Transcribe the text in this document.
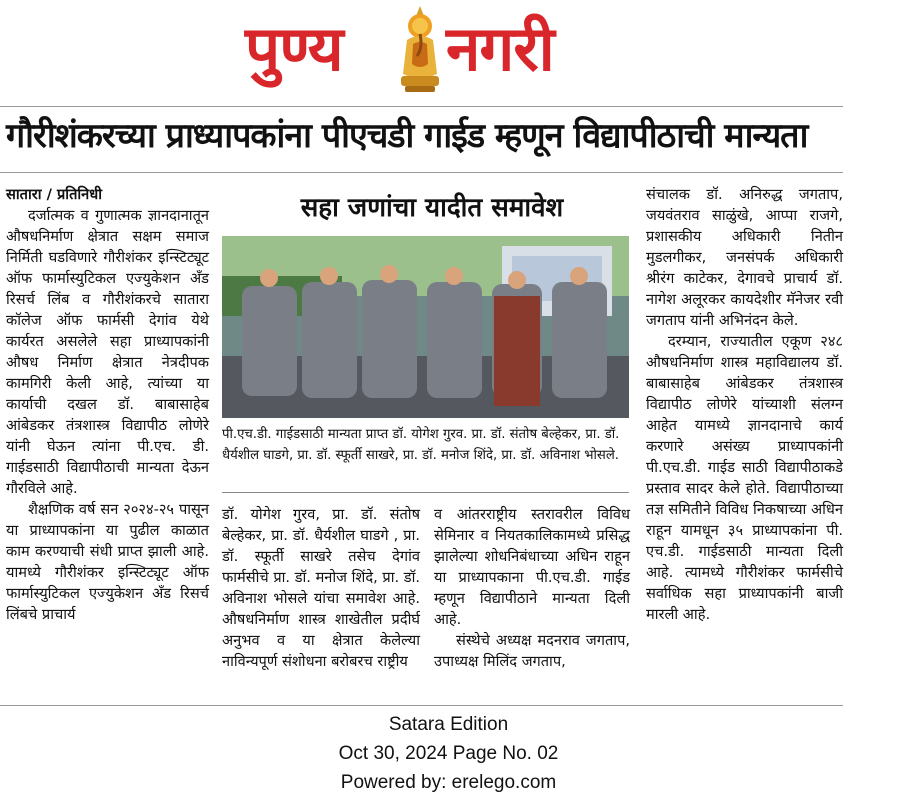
पुण्य नगरी
गौरीशंकरच्या प्राध्यापकांना पीएचडी गाईड म्हणून विद्यापीठाची मान्यता

सातारा / प्रतिनिधी

दर्जात्मक व गुणात्मक ज्ञानदानातून औषधनिर्माण क्षेत्रात सक्षम समाज निर्मिती घडविणारे गौरीशंकर इन्स्टिट्यूट ऑफ फार्मास्युटिकल एज्युकेशन अँड रिसर्च लिंब व गौरीशंकरचे सातारा कॉलेज ऑफ फार्मसी देगांव येथे कार्यरत असलेले सहा प्राध्यापकांनी औषध निर्माण क्षेत्रात नेत्रदीपक कामगिरी केली आहे, त्यांच्या या कार्याची दखल डॉ. बाबासाहेब आंबेडकर तंत्रशास्त्र विद्यापीठ लोणेरे यांनी घेऊन त्यांना पी.एच. डी. गाईडसाठी विद्यापीठाची मान्यता देऊन गौरविले आहे.

शैक्षणिक वर्ष सन २०२४-२५ पासून या प्राध्यापकांना या पुढील काळात काम करण्याची संधी प्राप्त झाली आहे. यामध्ये गौरीशंकर इन्स्टिट्यूट ऑफ फार्मास्युटिकल एज्युकेशन अँड रिसर्च लिंबचे प्राचार्य

सहा जणांचा यादीत समावेश
पी.एच.डी. गाईडसाठी मान्यता प्राप्त डॉ. योगेश गुरव. प्रा. डॉ. संतोष बेल्हेकर, प्रा. डॉ. धैर्यशील घाडगे, प्रा. डॉ. स्फूर्ती साखरे, प्रा. डॉ. मनोज शिंदे, प्रा. डॉ. अविनाश भोसले.

डॉ. योगेश गुरव, प्रा. डॉ. संतोष बेल्हेकर, प्रा. डॉ. धैर्यशील घाडगे , प्रा. डॉ. स्फूर्ती साखरे तसेच देगांव फार्मसीचे प्रा. डॉ. मनोज शिंदे, प्रा. डॉ. अविनाश भोसले यांचा समावेश आहे. औषधनिर्माण शास्त्र शाखेतील प्रदीर्घ अनुभव व या क्षेत्रात केलेल्या नाविन्यपूर्ण संशोधना बरोबरच राष्ट्रीय

व आंतरराष्ट्रीय स्तरावरील विविध सेमिनार व नियतकालिकामध्ये प्रसिद्ध झालेल्या शोधनिबंधाच्या अधिन राहून या प्राध्यापकाना पी.एच.डी. गाईड म्हणून विद्यापीठाने मान्यता दिली आहे.

संस्थेचे अध्यक्ष मदनराव जगताप, उपाध्यक्ष मिलिंद जगताप,

संचालक डॉ. अनिरुद्ध जगताप, जयवंतराव साळुंखे, आप्पा राजगे, प्रशासकीय अधिकारी नितीन मुडलगीकर, जनसंपर्क अधिकारी श्रीरंग काटेकर, देगावचे प्राचार्य डॉ. नागेश अलूरकर कायदेशीर मॅनेजर रवी जगताप यांनी अभिनंदन केले.

दरम्यान, राज्यातील एकूण २४८ औषधनिर्माण शास्त्र महाविद्यालय डॉ. बाबासाहेब आंबेडकर तंत्रशास्त्र विद्यापीठ लोणेरे यांच्याशी संलग्न आहेत यामध्ये ज्ञानदानाचे कार्य करणारे असंख्य प्राध्यापकांनी पी.एच.डी. गाईड साठी विद्यापीठाकडे प्रस्ताव सादर केले होते. विद्यापीठाच्या तज्ञ समितीने विविध निकषाच्या अधिन राहून यामधून ३५ प्राध्यापकांना पी. एच.डी. गाईडसाठी मान्यता दिली आहे. त्यामध्ये गौरीशंकर फार्मसीचे सर्वाधिक सहा प्राध्यापकांनी बाजी मारली आहे.

Satara Edition
Oct 30, 2024 Page No. 02
Powered by: erelego.com
